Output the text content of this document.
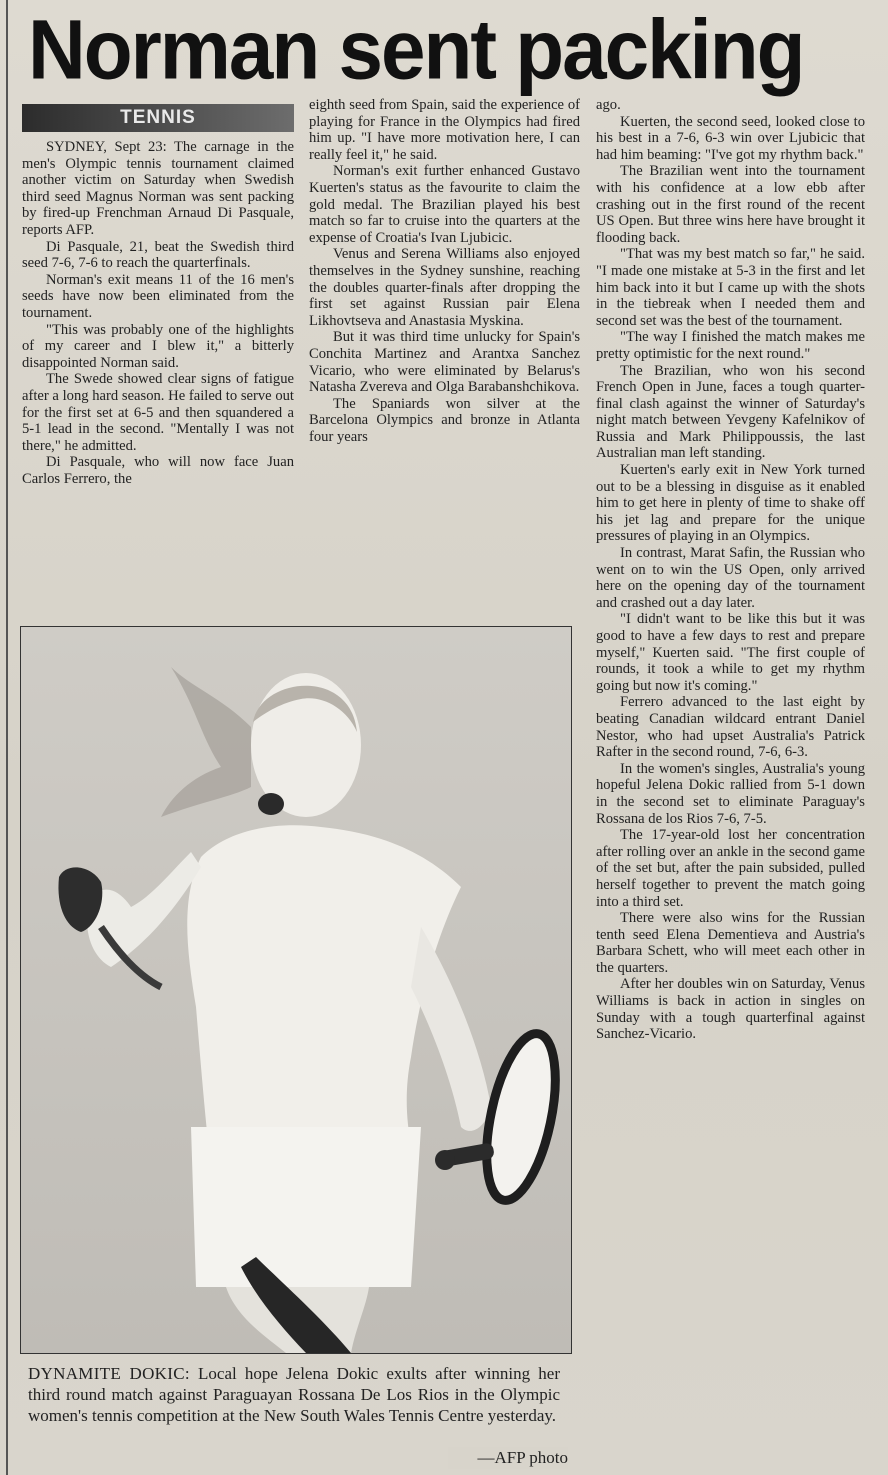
Norman sent packing
TENNIS

SYDNEY, Sept 23: The carnage in the men's Olympic tennis tournament claimed another victim on Saturday when Swedish third seed Magnus Norman was sent packing by fired-up Frenchman Arnaud Di Pasquale, reports AFP.

Di Pasquale, 21, beat the Swedish third seed 7-6, 7-6 to reach the quarterfinals.

Norman's exit means 11 of the 16 men's seeds have now been eliminated from the tournament.

"This was probably one of the highlights of my career and I blew it," a bitterly disappointed Norman said.

The Swede showed clear signs of fatigue after a long hard season. He failed to serve out for the first set at 6-5 and then squandered a 5-1 lead in the second. "Mentally I was not there," he admitted.

Di Pasquale, who will now face Juan Carlos Ferrero, the

eighth seed from Spain, said the experience of playing for France in the Olympics had fired him up. "I have more motivation here, I can really feel it," he said.

Norman's exit further enhanced Gustavo Kuerten's status as the favourite to claim the gold medal. The Brazilian played his best match so far to cruise into the quarters at the expense of Croatia's Ivan Ljubicic.

Venus and Serena Williams also enjoyed themselves in the Sydney sunshine, reaching the doubles quarter-finals after dropping the first set against Russian pair Elena Likhovtseva and Anastasia Myskina.

But it was third time unlucky for Spain's Conchita Martinez and Arantxa Sanchez Vicario, who were eliminated by Belarus's Natasha Zvereva and Olga Barabanshchikova.

The Spaniards won silver at the Barcelona Olympics and bronze in Atlanta four years

ago.

Kuerten, the second seed, looked close to his best in a 7-6, 6-3 win over Ljubicic that had him beaming: "I've got my rhythm back."

The Brazilian went into the tournament with his confidence at a low ebb after crashing out in the first round of the recent US Open. But three wins here have brought it flooding back.

"That was my best match so far," he said. "I made one mistake at 5-3 in the first and let him back into it but I came up with the shots in the tiebreak when I needed them and second set was the best of the tournament.

"The way I finished the match makes me pretty optimistic for the next round."

The Brazilian, who won his second French Open in June, faces a tough quarter-final clash against the winner of Saturday's night match between Yevgeny Kafelnikov of Russia and Mark Philippoussis, the last Australian man left standing.

Kuerten's early exit in New York turned out to be a blessing in disguise as it enabled him to get here in plenty of time to shake off his jet lag and prepare for the unique pressures of playing in an Olympics.

In contrast, Marat Safin, the Russian who went on to win the US Open, only arrived here on the opening day of the tournament and crashed out a day later.

"I didn't want to be like this but it was good to have a few days to rest and prepare myself," Kuerten said. "The first couple of rounds, it took a while to get my rhythm going but now it's coming."

Ferrero advanced to the last eight by beating Canadian wildcard entrant Daniel Nestor, who had upset Australia's Patrick Rafter in the second round, 7-6, 6-3.

In the women's singles, Australia's young hopeful Jelena Dokic rallied from 5-1 down in the second set to eliminate Paraguay's Rossana de los Rios 7-6, 7-5.

The 17-year-old lost her concentration after rolling over an ankle in the second game of the set but, after the pain subsided, pulled herself together to prevent the match going into a third set.

There were also wins for the Russian tenth seed Elena Dementieva and Austria's Barbara Schett, who will meet each other in the quarters.

After her doubles win on Saturday, Venus Williams is back in action in singles on Sunday with a tough quarterfinal against Sanchez-Vicario.

DYNAMITE DOKIC: Local hope Jelena Dokic exults after winning her third round match against Paraguayan Rossana De Los Rios in the Olympic women's tennis competition at the New South Wales Tennis Centre yesterday.
—AFP photo
